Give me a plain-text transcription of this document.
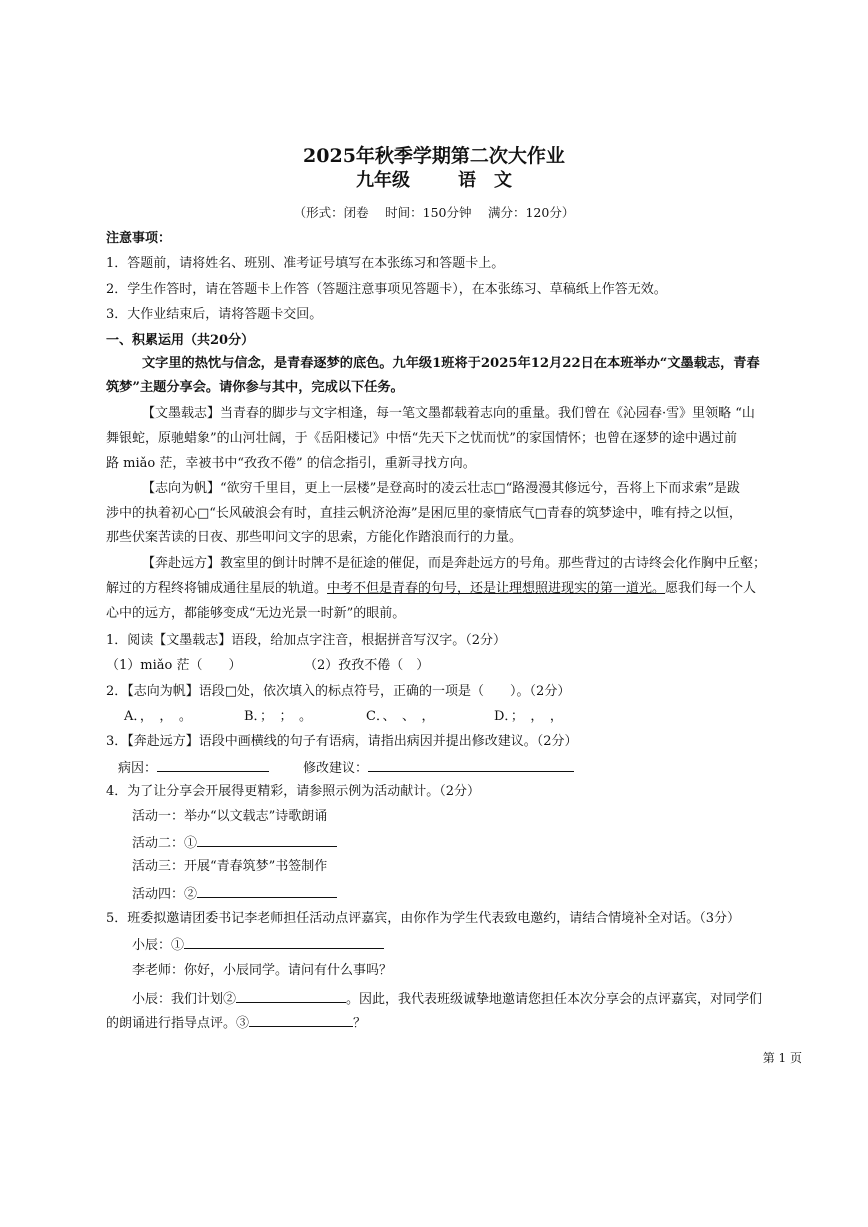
2025年秋季学期第二次大作业
九年级	语　文
（形式：闭卷　 时间：150分钟　 满分：120分）
注意事项：
1．答题前，请将姓名、班别、准考证号填写在本张练习和答题卡上。
2．学生作答时，请在答题卡上作答（答题注意事项见答题卡），在本张练习、草稿纸上作答无效。
3．大作业结束后，请将答题卡交回。
一、积累运用（共20分）
文字里的热忱与信念，是青春逐梦的底色。九年级1班将于2025年12月22日在本班举办“文墨载志，青春
筑梦”主题分享会。请你参与其中，完成以下任务。
【文墨载志】当青春的脚步与文字相逢，每一笔文墨都载着志向的重量。我们曾在《沁园春·雪》里领略 “山
舞银蛇，原驰蜡象”的山河壮阔，于《岳阳楼记》中悟“先天下之忧而忧”的家国情怀；也曾在逐梦的途中遇过前
路 miǎo 茫，幸被书中“孜孜不倦” 的信念指引，重新寻找方向。
【志向为帆】“欲穷千里目，更上一层楼”是登高时的凌云壮志□“路漫漫其修远兮，吾将上下而求索”是跋
涉中的执着初心□“长风破浪会有时，直挂云帆济沧海”是困厄里的豪情底气□青春的筑梦途中，唯有持之以恒，
那些伏案苦读的日夜、那些叩问文字的思索，方能化作踏浪而行的力量。
【奔赴远方】教室里的倒计时牌不是征途的催促，而是奔赴远方的号角。那些背过的古诗终会化作胸中丘壑；
解过的方程终将铺成通往星辰的轨道。中考不但是青春的句号，还是让理想照进现实的第一道光。愿我们每一个人
心中的远方，都能够变成“无边光景一时新”的眼前。
1．阅读【文墨载志】语段，给加点字注音，根据拼音写汉字。（2分）
（1）miǎo 茫（　　）	（2）孜孜不倦（　）
2．【志向为帆】语段□处，依次填入的标点符号，正确的一项是（　　）。（2分）
A．，　，　。	B．；　；　。	C．、　、　，	D．；　，　，
3．【奔赴远方】语段中画横线的句子有语病，请指出病因并提出修改建议。（2分）
病因：	修改建议：
4．为了让分享会开展得更精彩，请参照示例为活动献计。（2分）
活动一：举办“以文载志”诗歌朗诵
活动二：①
活动三：开展“青春筑梦”书签制作
活动四：②
5．班委拟邀请团委书记李老师担任活动点评嘉宾，由你作为学生代表致电邀约，请结合情境补全对话。（3分）
小辰：①
李老师：你好，小辰同学。请问有什么事吗？
小辰：我们计划②	。因此，我代表班级诚挚地邀请您担任本次分享会的点评嘉宾，对同学们
的朗诵进行指导点评。③	？
第 1 页
